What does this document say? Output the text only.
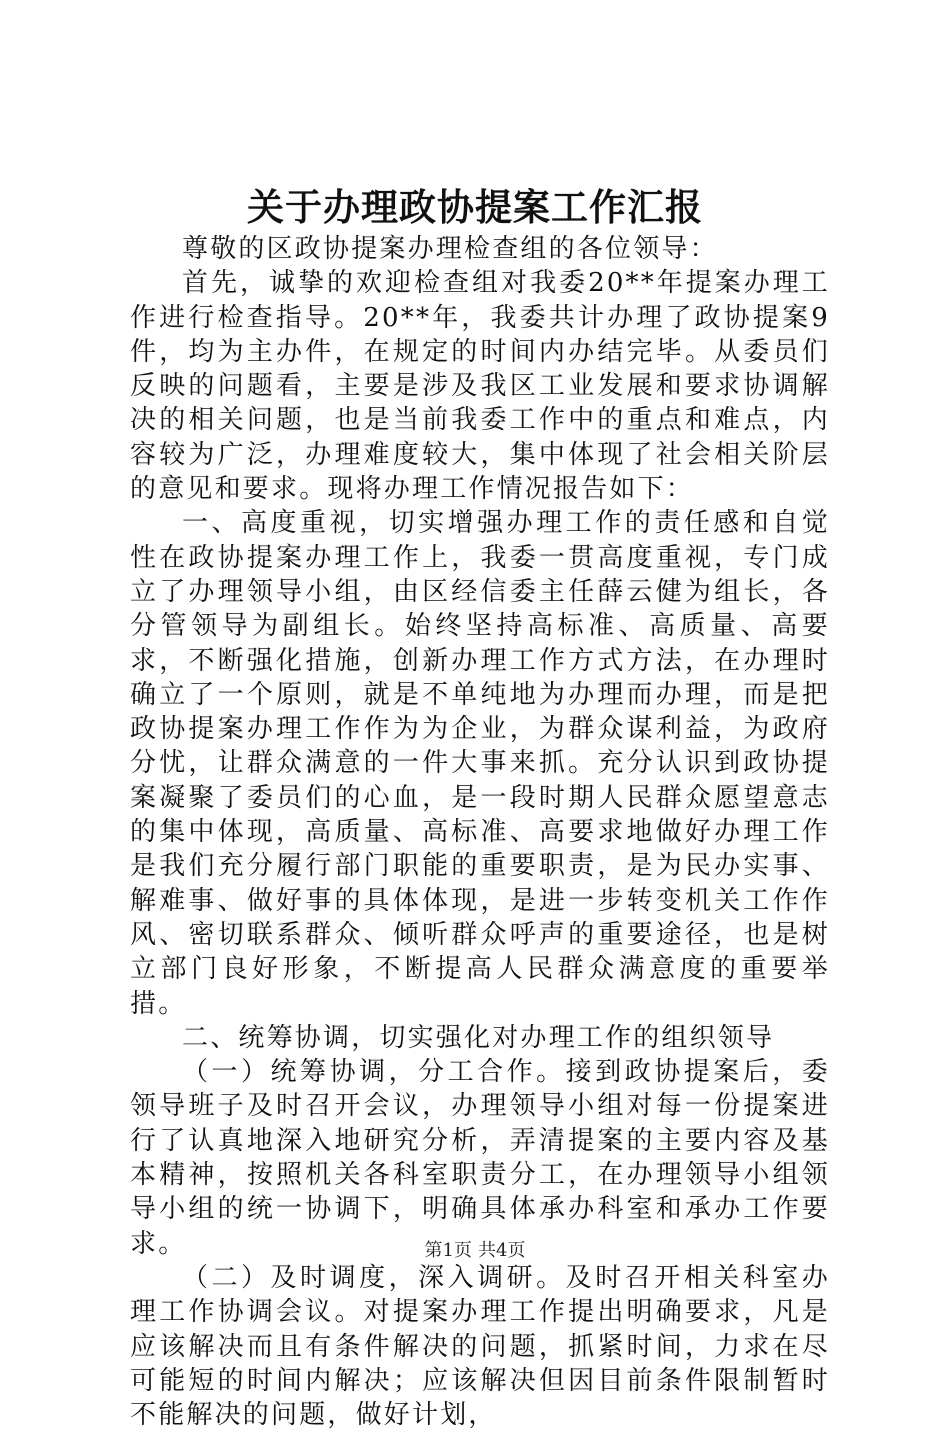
关于办理政协提案工作汇报

尊敬的区政协提案办理检查组的各位领导：

首先，诚挚的欢迎检查组对我委20**年提案办理工作进行检查指导。20**年，我委共计办理了政协提案9件，均为主办件，在规定的时间内办结完毕。从委员们反映的问题看，主要是涉及我区工业发展和要求协调解决的相关问题，也是当前我委工作中的重点和难点，内容较为广泛，办理难度较大，集中体现了社会相关阶层的意见和要求。现将办理工作情况报告如下：

一、高度重视，切实增强办理工作的责任感和自觉性在政协提案办理工作上，我委一贯高度重视，专门成立了办理领导小组，由区经信委主任薛云健为组长，各分管领导为副组长。始终坚持高标准、高质量、高要求，不断强化措施，创新办理工作方式方法，在办理时确立了一个原则，就是不单纯地为办理而办理，而是把政协提案办理工作作为为企业，为群众谋利益，为政府分忧，让群众满意的一件大事来抓。充分认识到政协提案凝聚了委员们的心血，是一段时期人民群众愿望意志的集中体现，高质量、高标准、高要求地做好办理工作是我们充分履行部门职能的重要职责，是为民办实事、解难事、做好事的具体体现，是进一步转变机关工作作风、密切联系群众、倾听群众呼声的重要途径，也是树立部门良好形象，不断提高人民群众满意度的重要举措。

二、统筹协调，切实强化对办理工作的组织领导

（一）统筹协调，分工合作。接到政协提案后，委领导班子及时召开会议，办理领导小组对每一份提案进行了认真地深入地研究分析，弄清提案的主要内容及基本精神，按照机关各科室职责分工，在办理领导小组领导小组的统一协调下，明确具体承办科室和承办工作要求。

（二）及时调度，深入调研。及时召开相关科室办理工作协调会议。对提案办理工作提出明确要求，凡是应该解决而且有条件解决的问题，抓紧时间，力求在尽可能短的时间内解决；应该解决但因目前条件限制暂时不能解决的问题，做好计划，

第1页 共4页
